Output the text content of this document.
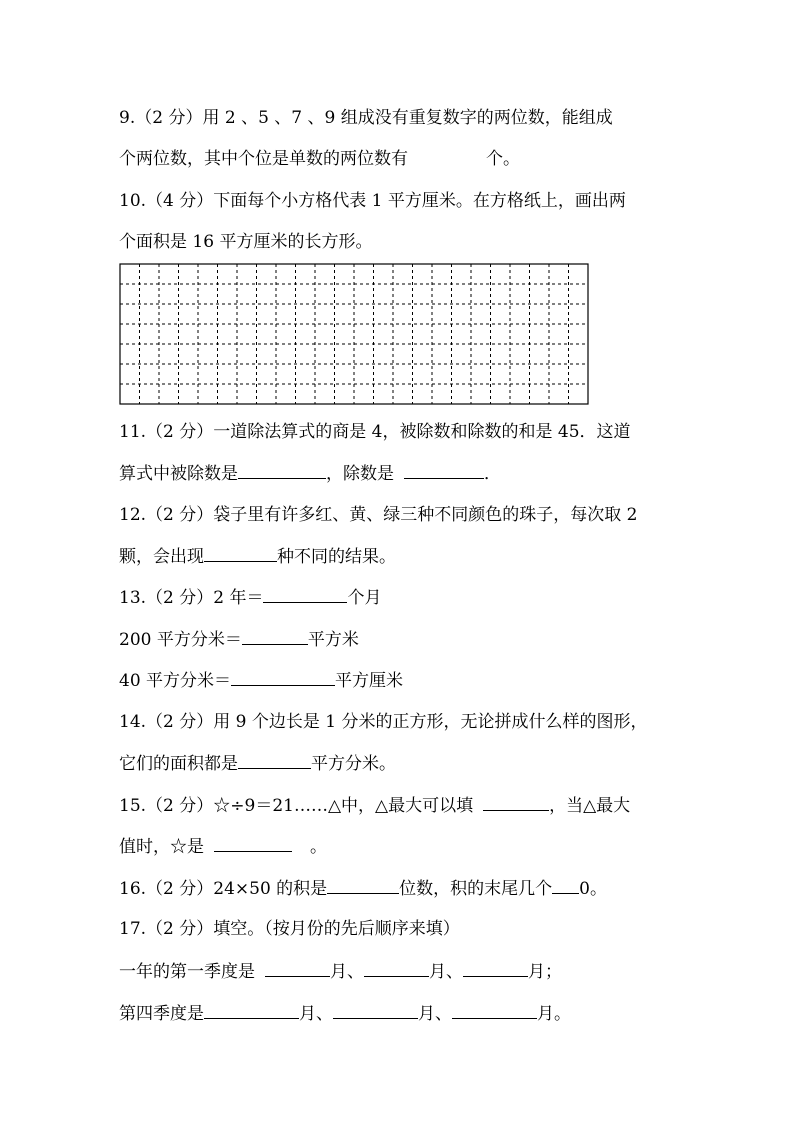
9.（2 分）用 2 、5 、7 、9 组成没有重复数字的两位数，能组成
个两位数，其中个位是单数的两位数有	个。
10.（4 分）下面每个小方格代表 1 平方厘米。在方格纸上，画出两
个面积是 16 平方厘米的长方形。
11.（2 分）一道除法算式的商是 4，被除数和除数的和是 45．这道
算式中被除数是	，除数是	．
12.（2 分）袋子里有许多红、黄、绿三种不同颜色的珠子，每次取 2
颗，会出现	种不同的结果。
13.（2 分）2 年＝	个月
200 平方分米＝	平方米
40 平方分米＝	平方厘米
14.（2 分）用 9 个边长是 1 分米的正方形，无论拼成什么样的图形，
它们的面积都是	平方分米。
15.（2 分）☆÷9＝21……△中，△最大可以填	，当△最大
值时，☆是	。
16.（2 分）24×50 的积是	位数，积的末尾几个 0。
17.（2 分）填空。（按月份的先后顺序来填）
一年的第一季度是	月、	月、	月；
第四季度是	月、	月、	月。
